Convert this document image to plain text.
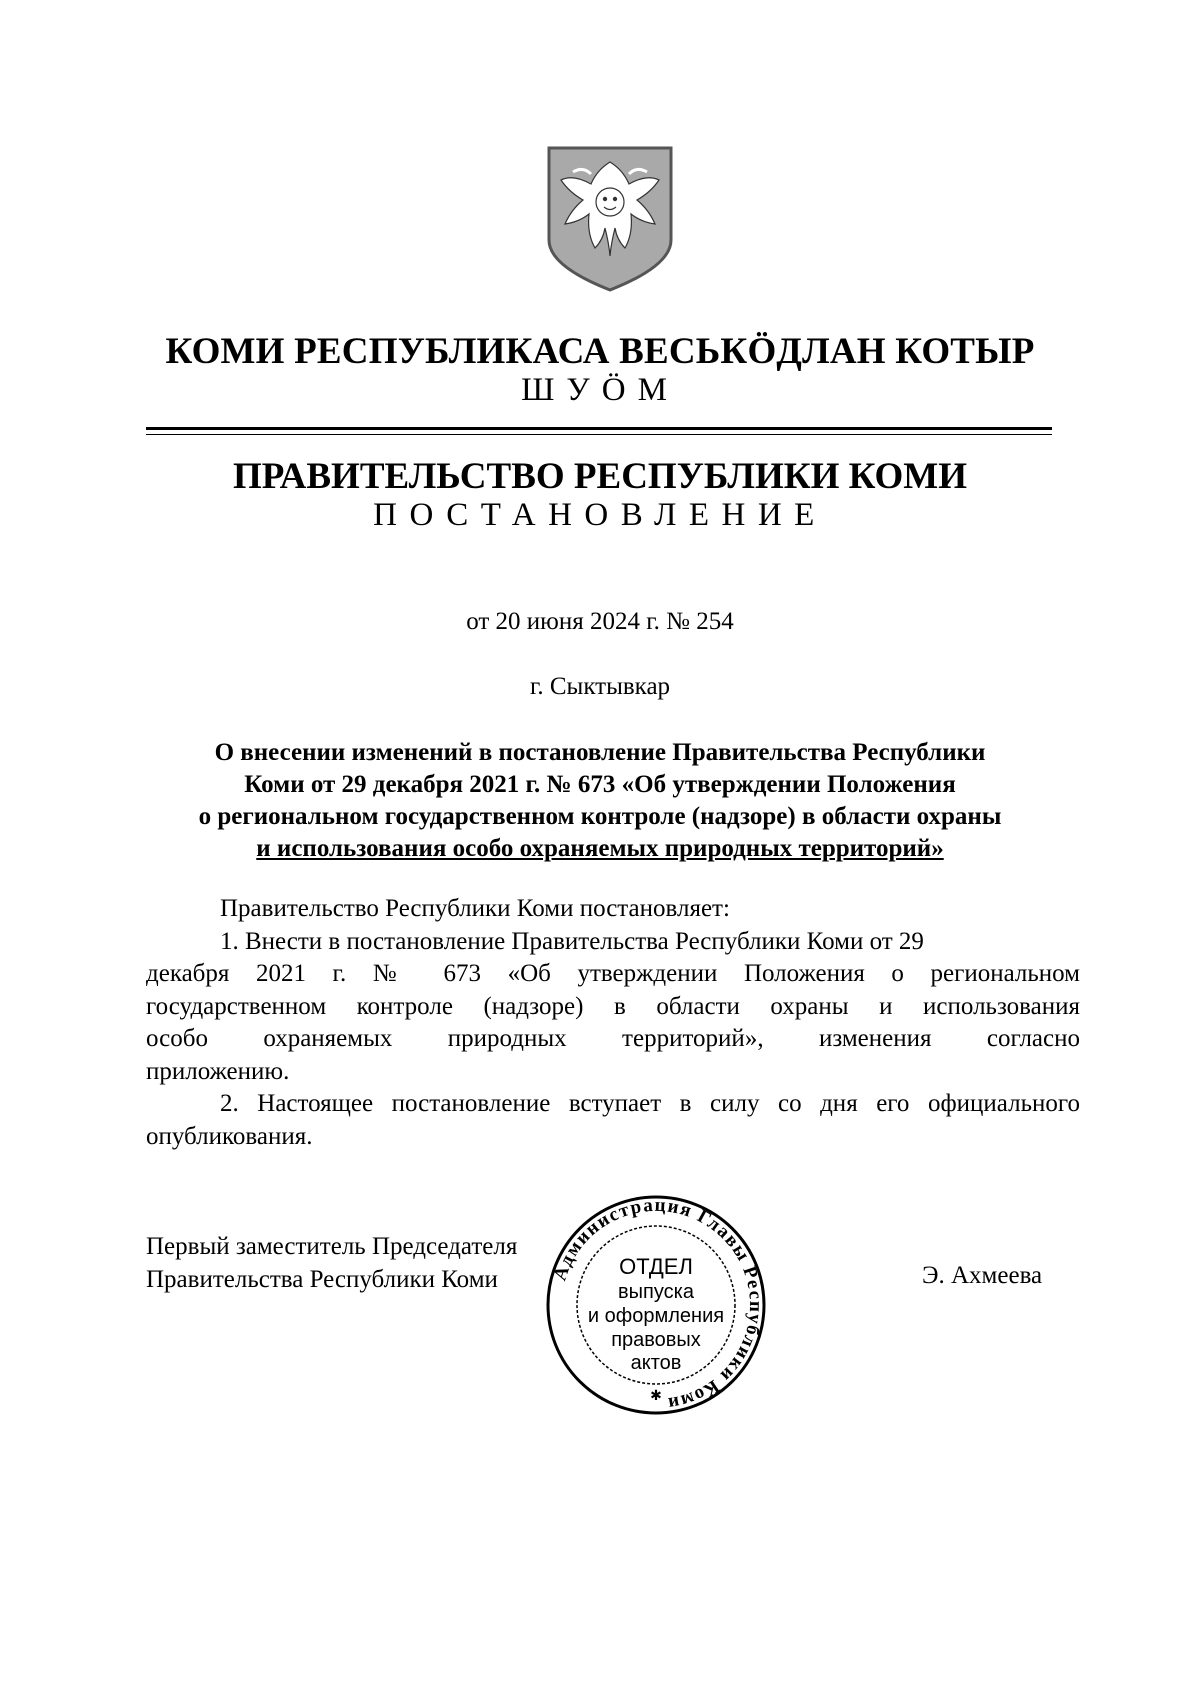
КОМИ РЕСПУБЛИКАСА ВЕСЬКӦДЛАН КОТЫР
ШУӦМ
ПРАВИТЕЛЬСТВО РЕСПУБЛИКИ КОМИ
ПОСТАНОВЛЕНИЕ
от 20 июня 2024 г. № 254
г. Сыктывкар
О внесении изменений в постановление Правительства Республики
Коми от 29 декабря 2021 г. № 673 «Об утверждении Положения
о региональном государственном контроле (надзоре) в области охраны
и использования особо охраняемых природных территорий»
Правительство Республики Коми постановляет:
1. Внести в постановление Правительства Республики Коми от 29
декабря 2021 г. № 673 «Об утверждении Положения о региональном
государственном контроле (надзоре) в области охраны и использования
особо охраняемых природных территорий», изменения согласно
приложению.
2. Настоящее постановление вступает в силу со дня его официального
опубликования.
Первый заместитель Председателя
Правительства Республики Коми	Э. Ахмеева
Администрация Главы Республики Коми
ОТДЕЛ
выпуска
и оформления
правовых
актов
✱
